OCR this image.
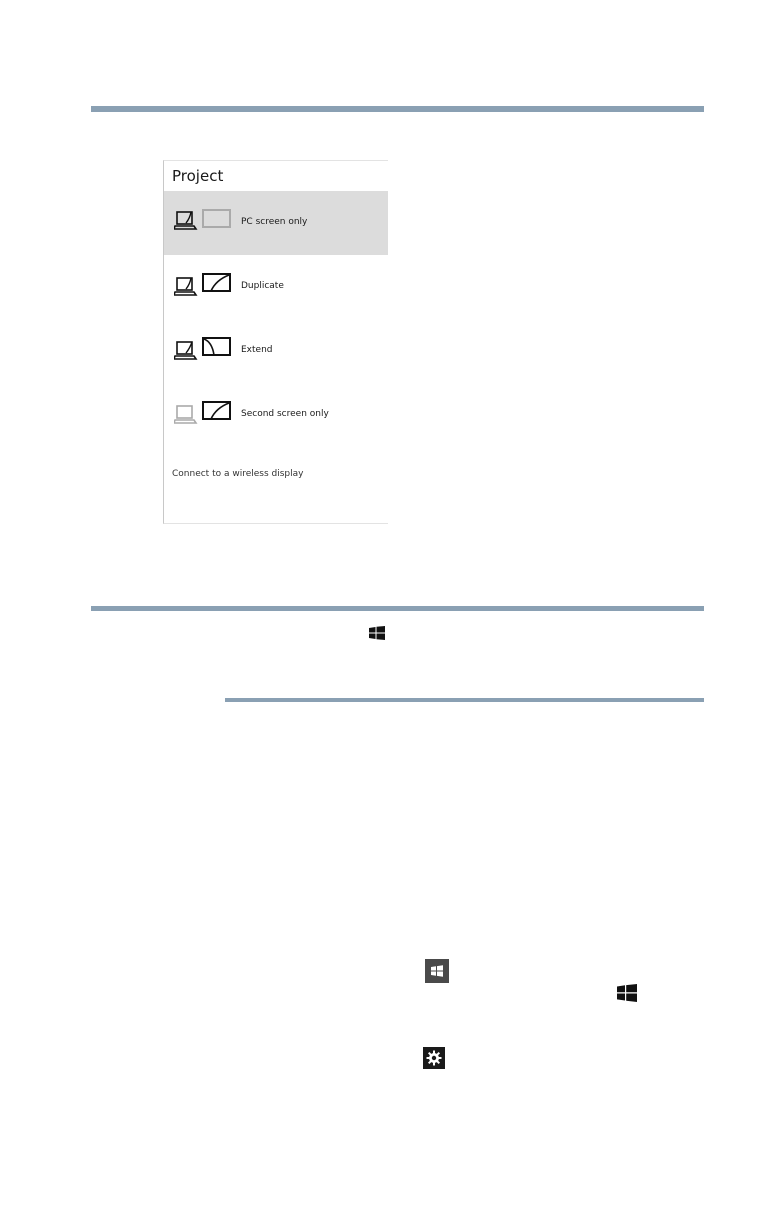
Project
PC screen only
Duplicate
Extend
Second screen only
Connect to a wireless display
